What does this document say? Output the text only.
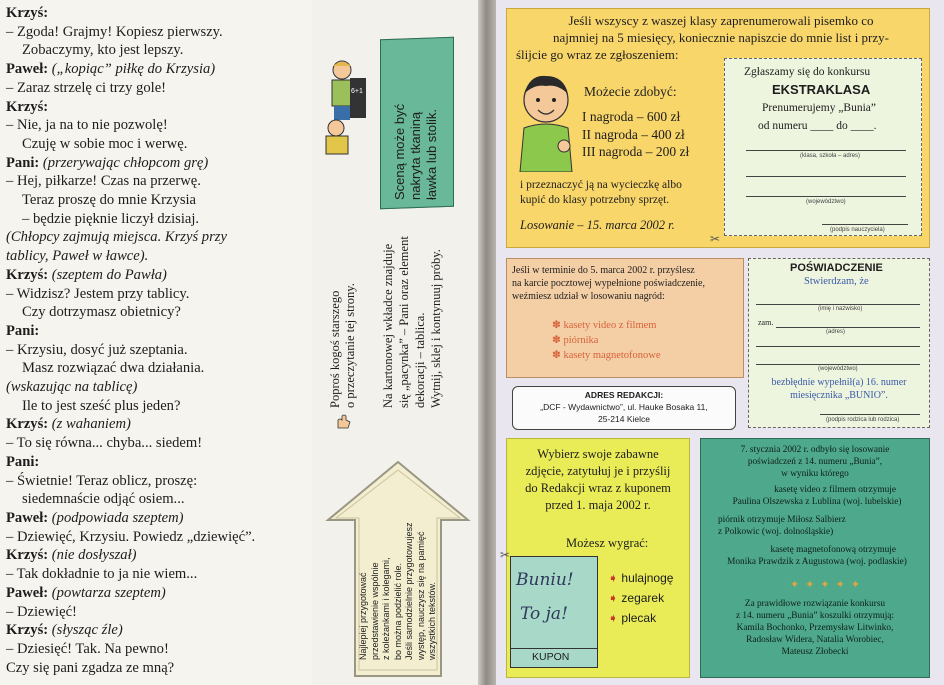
Krzyś:
– Zgoda! Grajmy! Kopiesz pierwszy.
Zobaczymy, kto jest lepszy.
Paweł: („kopiąc” piłkę do Krzysia)
– Zaraz strzelę ci trzy gole!
Krzyś:
– Nie, ja na to nie pozwolę!
Czuję w sobie moc i werwę.
Pani: (przerywając chłopcom grę)
– Hej, piłkarze! Czas na przerwę.
Teraz proszę do mnie Krzysia
– będzie pięknie liczył dzisiaj.
(Chłopcy zajmują miejsca. Krzyś przy
tablicy, Paweł w ławce).
Krzyś: (szeptem do Pawła)
– Widzisz? Jestem przy tablicy.
Czy dotrzymasz obietnicy?
Pani:
– Krzysiu, dosyć już szeptania.
Masz rozwiązać dwa działania.
(wskazując na tablicę)
Ile to jest sześć plus jeden?
Krzyś: (z wahaniem)
– To się równa... chyba... siedem!
Pani:
– Świetnie! Teraz oblicz, proszę:
siedemnaście odjąć osiem...
Paweł: (podpowiada szeptem)
– Dziewięć, Krzysiu. Powiedz „dziewięć”.
Krzyś: (nie dosłyszał)
– Tak dokładnie to ja nie wiem...
Paweł: (powtarza szeptem)
– Dziewięć!
Krzyś: (słysząc źle)
– Dziesięć! Tak. Na pewno!
Czy się pani zgadza ze mną?
6+1
Sceną może być nakryta tkaniną ławka lub stolik.
Poproś kogoś starszego o przeczytanie tej strony. Na kartonowej wkładce znajduje się „pacynka” – Pani oraz element dekoracji – tablica. Wytnij, sklej i kontynuuj próby.
Najlepiej przygotować przedstawienie wspólnie z koleżankami i kolegami, bo można podzielić role. Jeśli samodzielnie przygotowujesz występ, nauczysz się na pamięć wszystkich tekstów.
Jeśli wszyscy z waszej klasy zaprenumerowali pisemko co
najmniej na 5 miesięcy, koniecznie napiszcie do mnie list i przy-
ślijcie go wraz ze zgłoszeniem:
Możecie zdobyć:
I nagroda – 600 zł
II nagroda – 400 zł
III nagroda – 200 zł
i przeznaczyć ją na wycieczkę albo
kupić do klasy potrzebny sprzęt.
Losowanie – 15. marca 2002 r.
Zgłaszamy się do konkursu
EKSTRAKLASA
Prenumerujemy „Bunia”
od numeru ____ do ____.
(klasa, szkoła – adres)
(województwo)
(podpis nauczyciela)
✂
Jeśli w terminie do 5. marca 2002 r. przyślesz
na karcie pocztowej wypełnione poświadczenie,
weźmiesz udział w losowaniu nagród:
✽ kasety video z filmem
✽ piórnika
✽ kasety magnetofonowe
POŚWIADCZENIE
Stwierdzam, że
(imię i nazwisko)
zam.
(adres)
(województwo)
bezbłędnie wypełnił(a) 16. numer
miesięcznika „BUNIO”.
(podpis rodzica lub rodzica)
ADRES REDAKCJI:
„DCF - Wydawnictwo”, ul. Hauke Bosaka 11,
25-214 Kielce
Wybierz swoje zabawne
zdjęcie, zatytułuj je i przyślij
do Redakcji wraz z kuponem
przed 1. maja 2002 r.
Możesz wygrać:
Buniu!
To ja!
KUPON
✂
➧ hulajnogę
➧ zegarek
➧ plecak
7. stycznia 2002 r. odbyło się losowanie
poświadczeń z 14. numeru „Bunia”,
w wyniku którego
kasetę video z filmem otrzymuje
Paulina Olszewska z Lublina (woj. lubelskie)
piórnik otrzymuje Miłosz Salbierz
z Polkowic (woj. dolnośląskie)
kasetę magnetofonową otrzymuje
Monika Prawdzik z Augustowa (woj. podlaskie)
✦✦✦✦✦
Za prawidłowe rozwiązanie konkursu
z 14. numeru „Bunia” koszulki otrzymują:
Kamila Bochonko, Przemysław Litwinko,
Radosław Widera, Natalia Worobiec,
Mateusz Złobecki
